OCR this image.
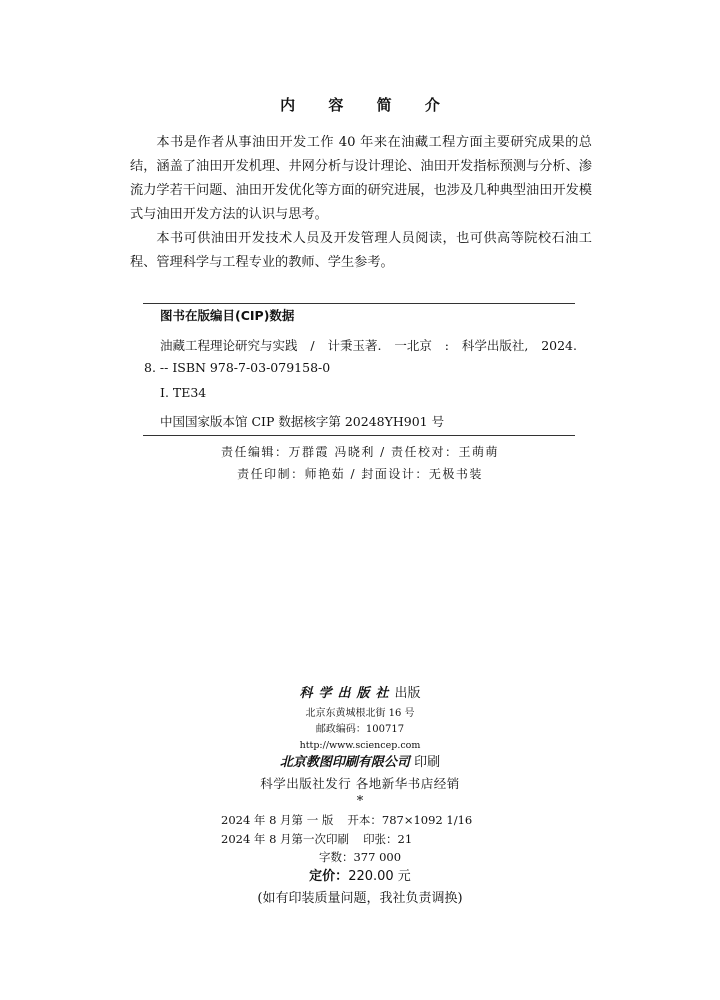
内 容 简 介

本书是作者从事油田开发工作 40 年来在油藏工程方面主要研究成果的总结，涵盖了油田开发机理、井网分析与设计理论、油田开发指标预测与分析、渗流力学若干问题、油田开发优化等方面的研究进展，也涉及几种典型油田开发模式与油田开发方法的认识与思考。

本书可供油田开发技术人员及开发管理人员阅读，也可供高等院校石油工程、管理科学与工程专业的教师、学生参考。

图书在版编目(CIP)数据
油藏工程理论研究与实践 / 计秉玉著. 一北京 : 科学出版社, 2024.
8. -- ISBN 978-7-03-079158-0
Ⅰ. TE34
中国国家版本馆 CIP 数据核字第 20248YH901 号
责任编辑：万群霞 冯晓利 / 责任校对：王萌萌
责任印制：师艳茹 / 封面设计：无极书装
科学出版社出版
北京东黄城根北街 16 号
邮政编码：100717
http://www.sciencep.com
北京教图印刷有限公司 印刷
科学出版社发行 各地新华书店经销
*
2024 年 8 月第 一 版 开本：787×1092 1/16
2024 年 8 月第一次印刷 印张：21
字数：377 000
定价：220.00 元
(如有印装质量问题，我社负责调换)
